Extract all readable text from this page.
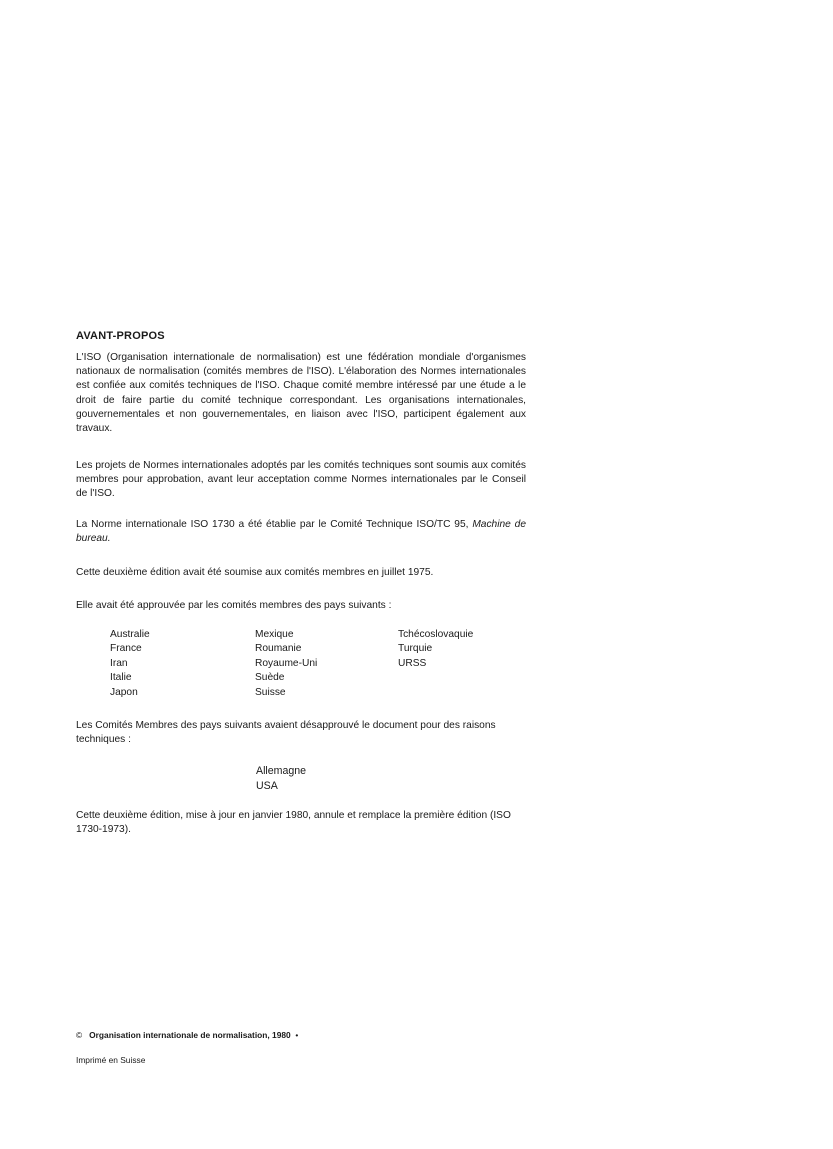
AVANT-PROPOS

L'ISO (Organisation internationale de normalisation) est une fédération mondiale d'organismes nationaux de normalisation (comités membres de l'ISO). L'élaboration des Normes internationales est confiée aux comités techniques de l'ISO. Chaque comité membre intéressé par une étude a le droit de faire partie du comité technique correspondant. Les organisations internationales, gouvernementales et non gouvernementales, en liaison avec l'ISO, participent également aux travaux.

Les projets de Normes internationales adoptés par les comités techniques sont soumis aux comités membres pour approbation, avant leur acceptation comme Normes internationales par le Conseil de l'ISO.

La Norme internationale ISO 1730 a été établie par le Comité Technique ISO/TC 95, Machine de bureau.

Cette deuxième édition avait été soumise aux comités membres en juillet 1975.

Elle avait été approuvée par les comités membres des pays suivants :

Australie
France
Iran
Italie
Japon
Mexique
Roumanie
Royaume-Uni
Suède
Suisse
Tchécoslovaquie
Turquie
URSS

Les Comités Membres des pays suivants avaient désapprouvé le document pour des raisons techniques :

Allemagne
USA

Cette deuxième édition, mise à jour en janvier 1980, annule et remplace la première édition (ISO 1730-1973).

© Organisation internationale de normalisation, 1980 •
Imprimé en Suisse
